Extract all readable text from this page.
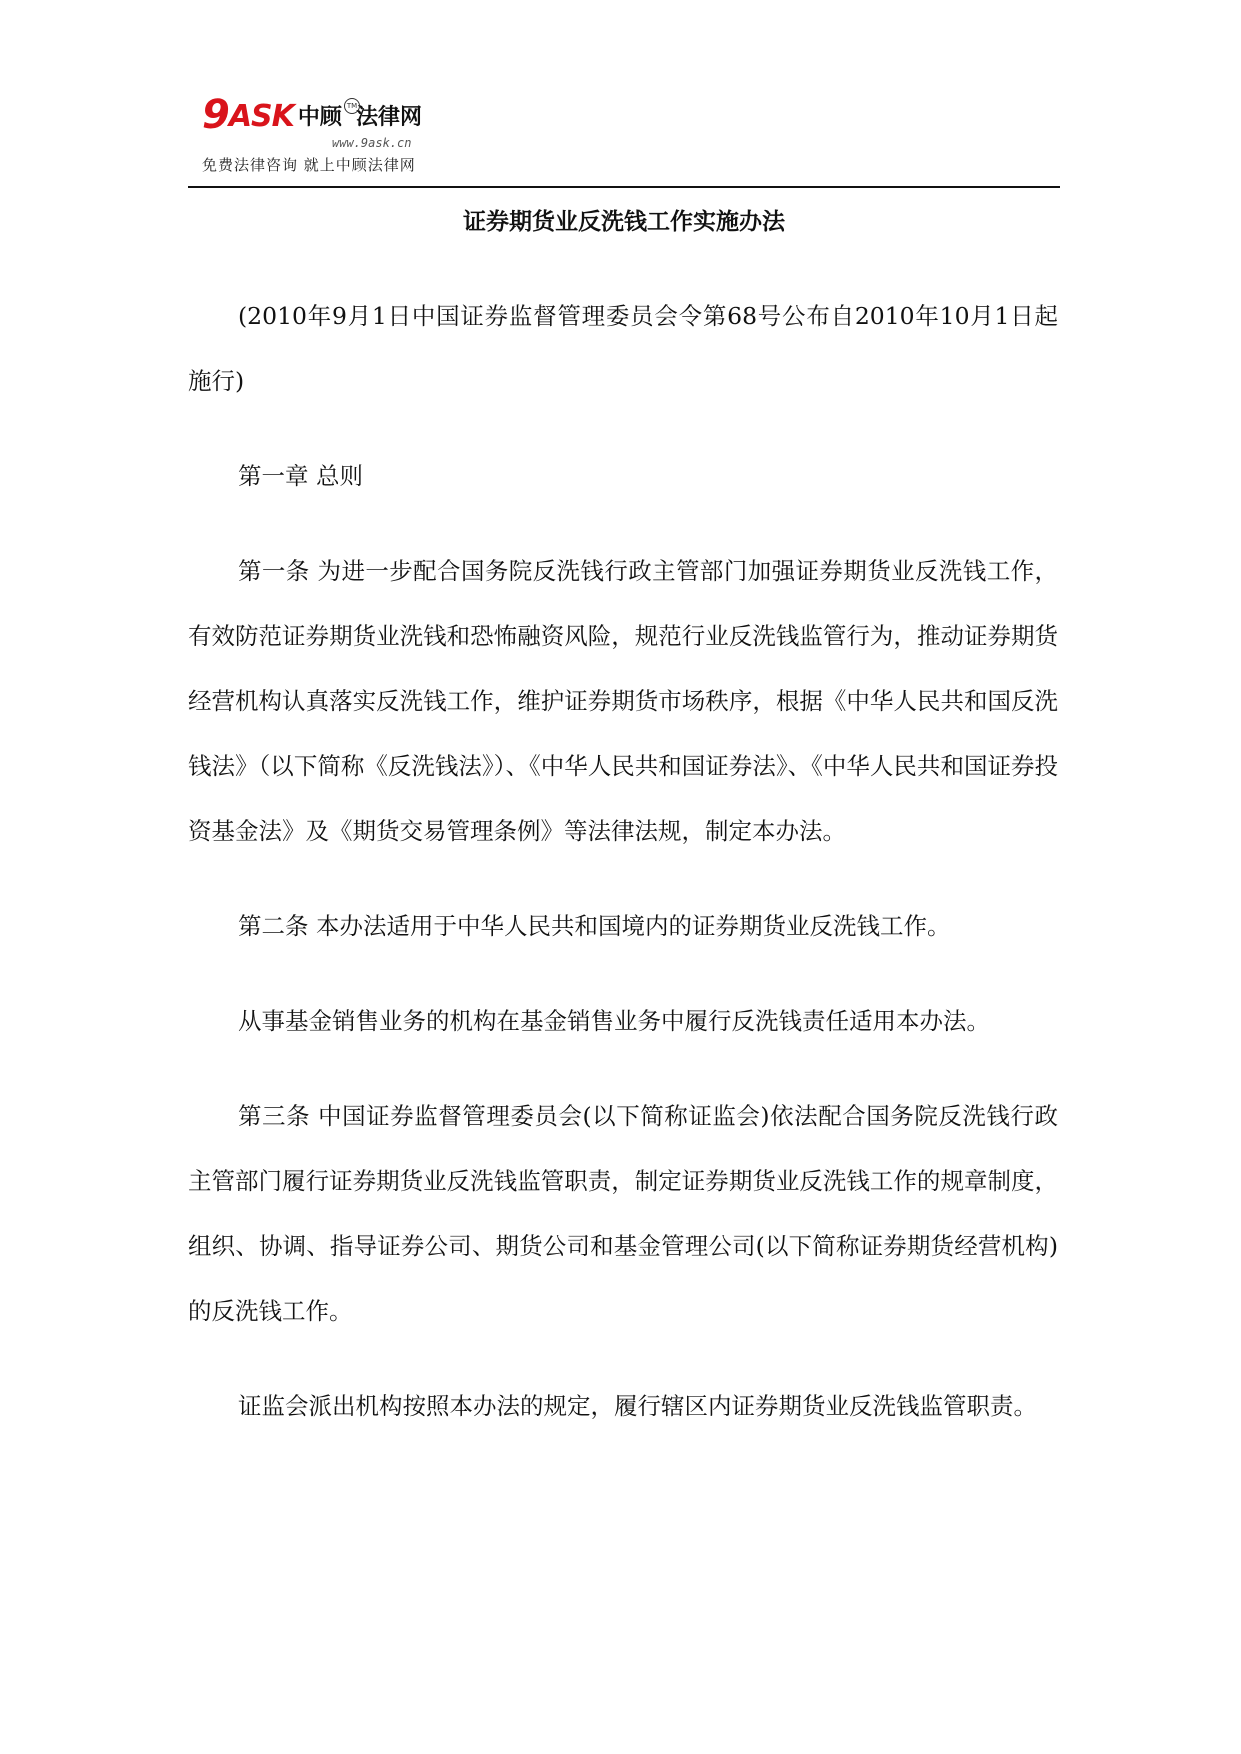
9 ASK 中顾 法律网
TM
www.9ask.cn
免费法律咨询 就上中顾法律网
证券期货业反洗钱工作实施办法

(2010年9月1日中国证券监督管理委员会令第68号公布自2010年10月1日起施行)

第一章 总则

第一条 为进一步配合国务院反洗钱行政主管部门加强证券期货业反洗钱工作，有效防范证券期货业洗钱和恐怖融资风险，规范行业反洗钱监管行为，推动证券期货经营机构认真落实反洗钱工作，维护证券期货市场秩序，根据《中华人民共和国反洗钱法》（以下简称《反洗钱法》）、《中华人民共和国证券法》、《中华人民共和国证券投资基金法》及《期货交易管理条例》等法律法规，制定本办法。

第二条 本办法适用于中华人民共和国境内的证券期货业反洗钱工作。

从事基金销售业务的机构在基金销售业务中履行反洗钱责任适用本办法。

第三条 中国证券监督管理委员会(以下简称证监会)依法配合国务院反洗钱行政主管部门履行证券期货业反洗钱监管职责，制定证券期货业反洗钱工作的规章制度，组织、协调、指导证券公司、期货公司和基金管理公司(以下简称证券期货经营机构)的反洗钱工作。

证监会派出机构按照本办法的规定，履行辖区内证券期货业反洗钱监管职责。
